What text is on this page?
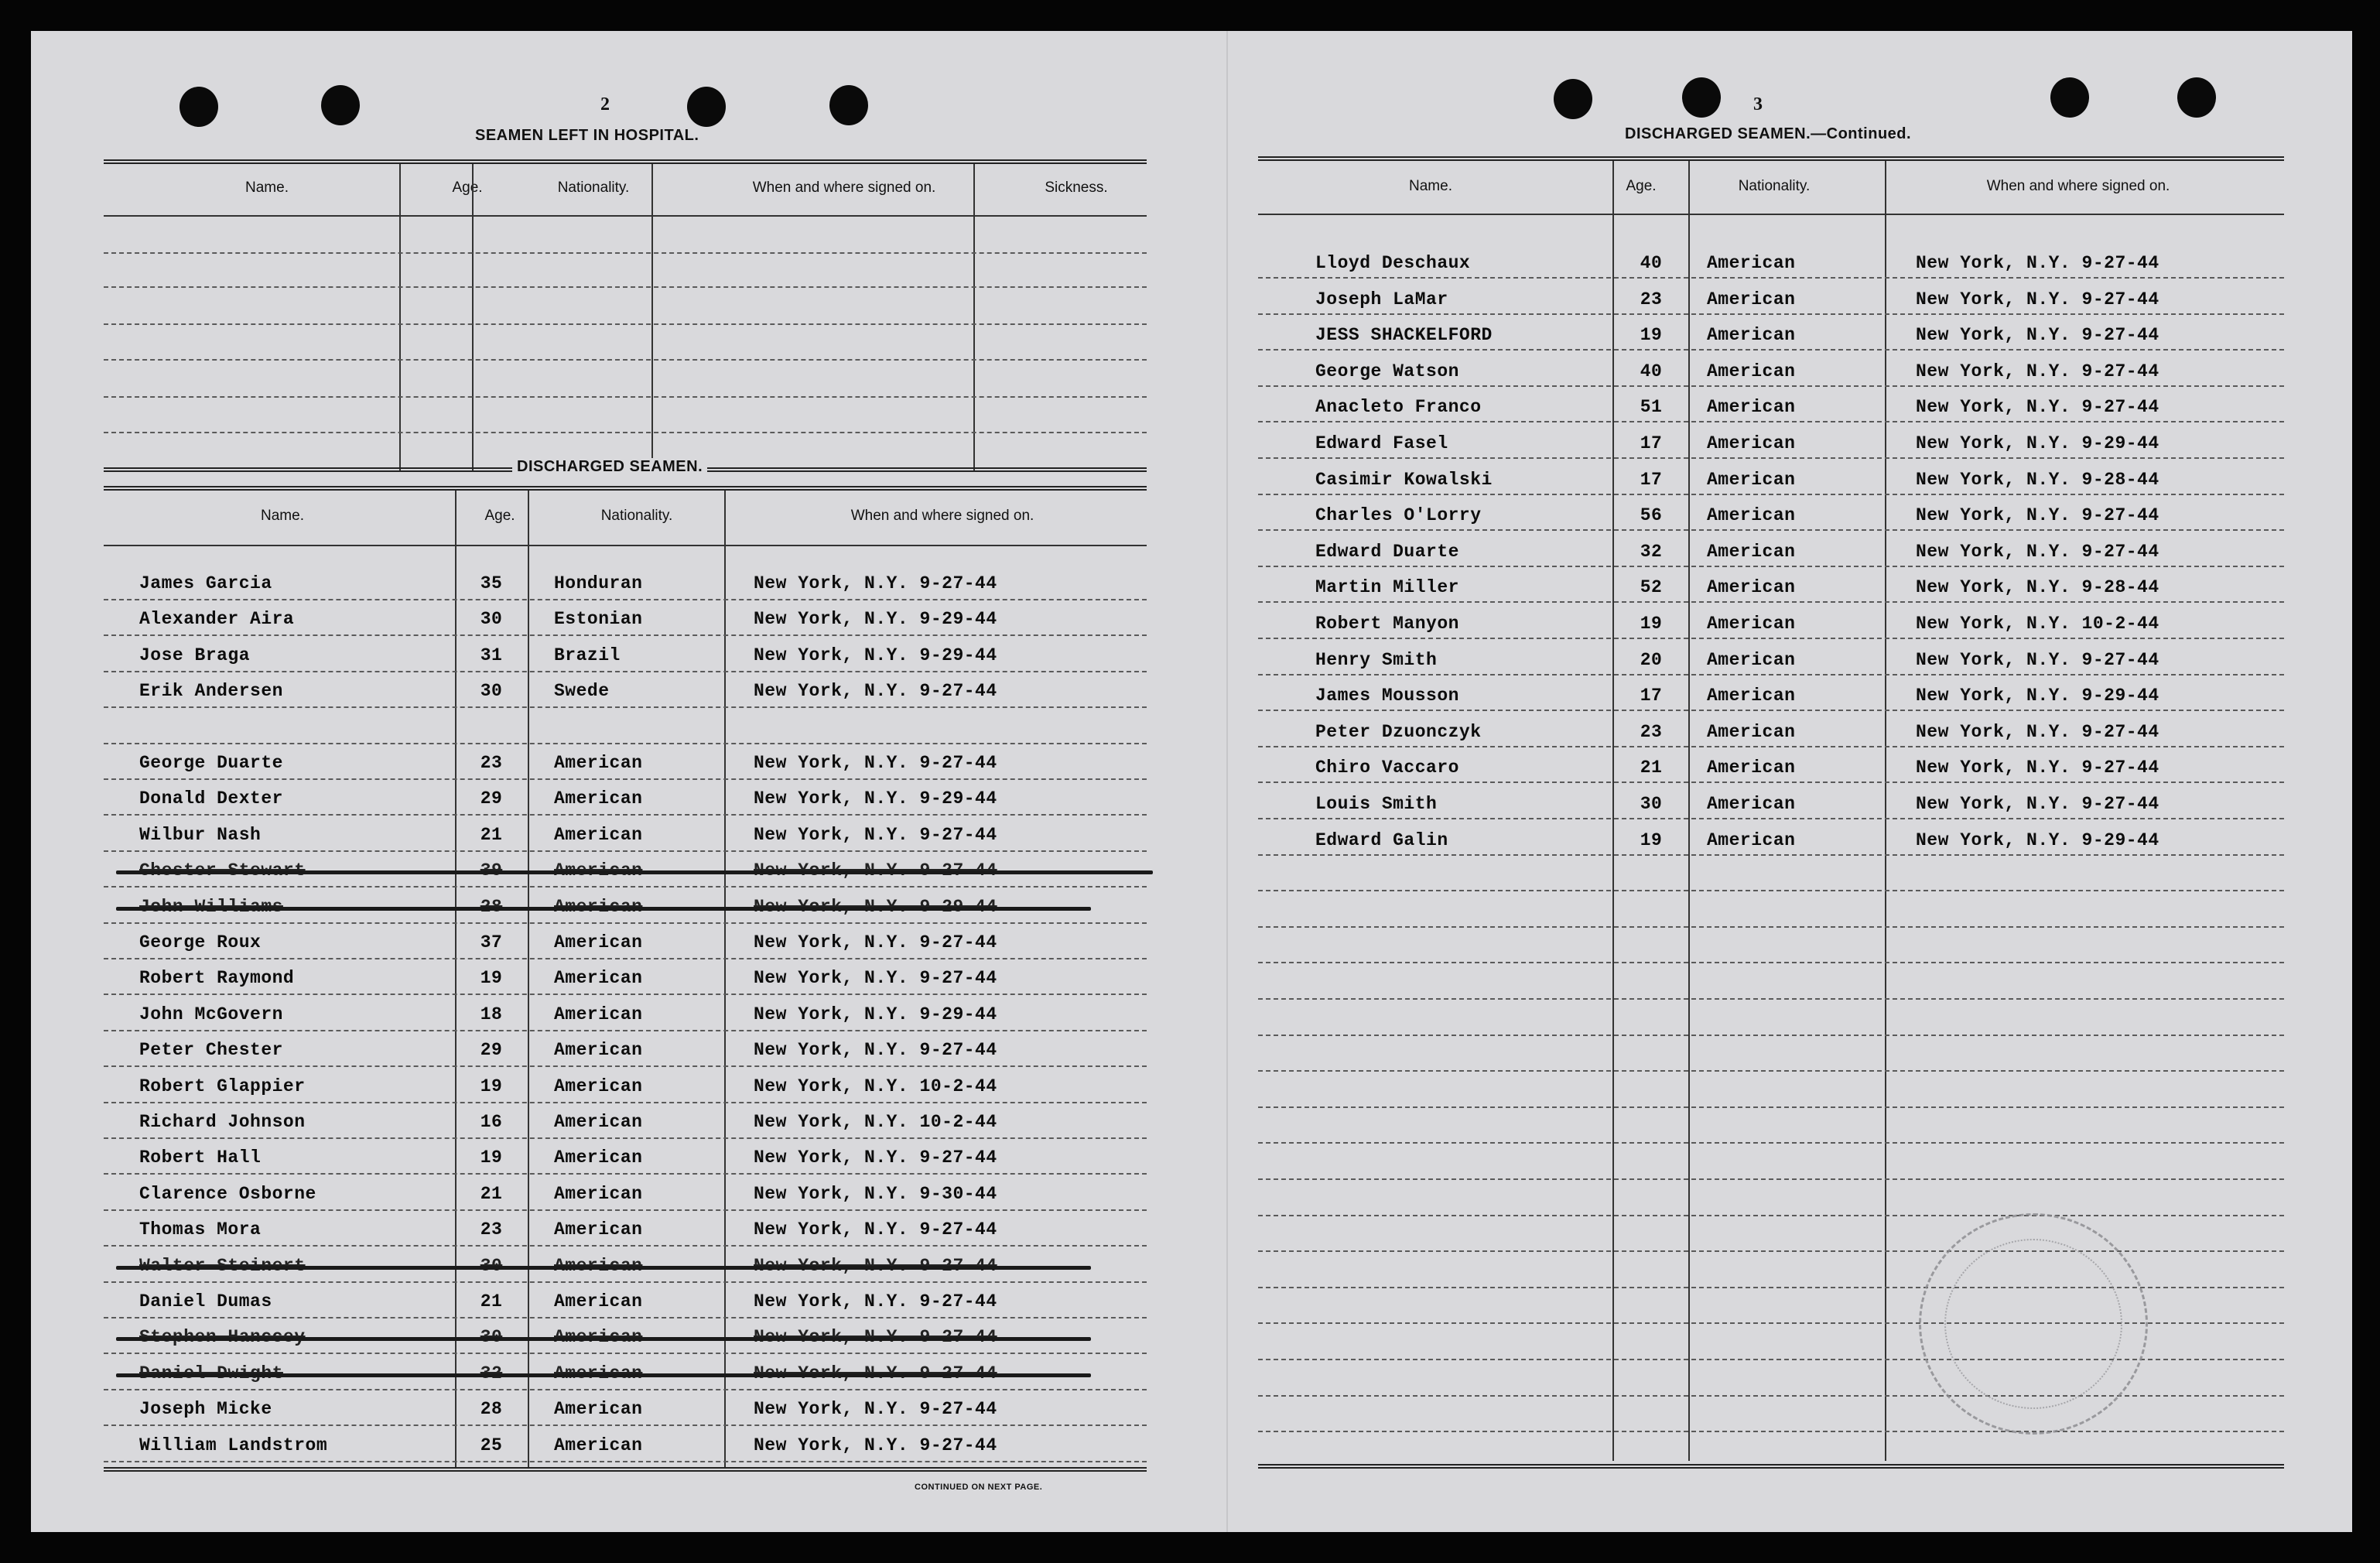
2
SEAMEN LEFT IN HOSPITAL.
Name.	Age.	Nationality.	When and where signed on.	Sickness.
DISCHARGED SEAMEN.
Name.	Age.	Nationality.	When and where signed on.
James Garcia	35	Honduran	New York, N.Y. 9-27-44
Alexander Aira	30	Estonian	New York, N.Y. 9-29-44
Jose Braga	31	Brazil	New York, N.Y. 9-29-44
Erik Andersen	30	Swede	New York, N.Y. 9-27-44
George Duarte	23	American	New York, N.Y. 9-27-44
Donald Dexter	29	American	New York, N.Y. 9-29-44
Wilbur Nash	21	American	New York, N.Y. 9-27-44
George Roux	37	American	New York, N.Y. 9-27-44
Robert Raymond	19	American	New York, N.Y. 9-27-44
John McGovern	18	American	New York, N.Y. 9-29-44
Peter Chester	29	American	New York, N.Y. 9-27-44
Robert Glappier	19	American	New York, N.Y. 10-2-44
Richard Johnson	16	American	New York, N.Y. 10-2-44
Robert Hall	19	American	New York, N.Y. 9-27-44
Clarence Osborne	21	American	New York, N.Y. 9-30-44
Thomas Mora	23	American	New York, N.Y. 9-27-44
Daniel Dumas	21	American	New York, N.Y. 9-27-44
Joseph Micke	28	American	New York, N.Y. 9-27-44
William Landstrom	25	American	New York, N.Y. 9-27-44
CONTINUED ON NEXT PAGE.
3
DISCHARGED SEAMEN.—Continued.
Name.	Age.	Nationality.	When and where signed on.
Lloyd Deschaux	40	American	New York, N.Y. 9-27-44
Joseph LaMar	23	American	New York, N.Y. 9-27-44
JESS SHACKELFORD	19	American	New York, N.Y. 9-27-44
George Watson	40	American	New York, N.Y. 9-27-44
Anacleto Franco	51	American	New York, N.Y. 9-27-44
Edward Fasel	17	American	New York, N.Y. 9-29-44
Casimir Kowalski	17	American	New York, N.Y. 9-28-44
Charles O'Lorry	56	American	New York, N.Y. 9-27-44
Edward Duarte	32	American	New York, N.Y. 9-27-44
Martin Miller	52	American	New York, N.Y. 9-28-44
Robert Manyon	19	American	New York, N.Y. 10-2-44
Henry Smith	20	American	New York, N.Y. 9-27-44
James Mousson	17	American	New York, N.Y. 9-29-44
Peter Dzuonczyk	23	American	New York, N.Y. 9-27-44
Chiro Vaccaro	21	American	New York, N.Y. 9-27-44
Louis Smith	30	American	New York, N.Y. 9-27-44
Edward Galin	19	American	New York, N.Y. 9-29-44
